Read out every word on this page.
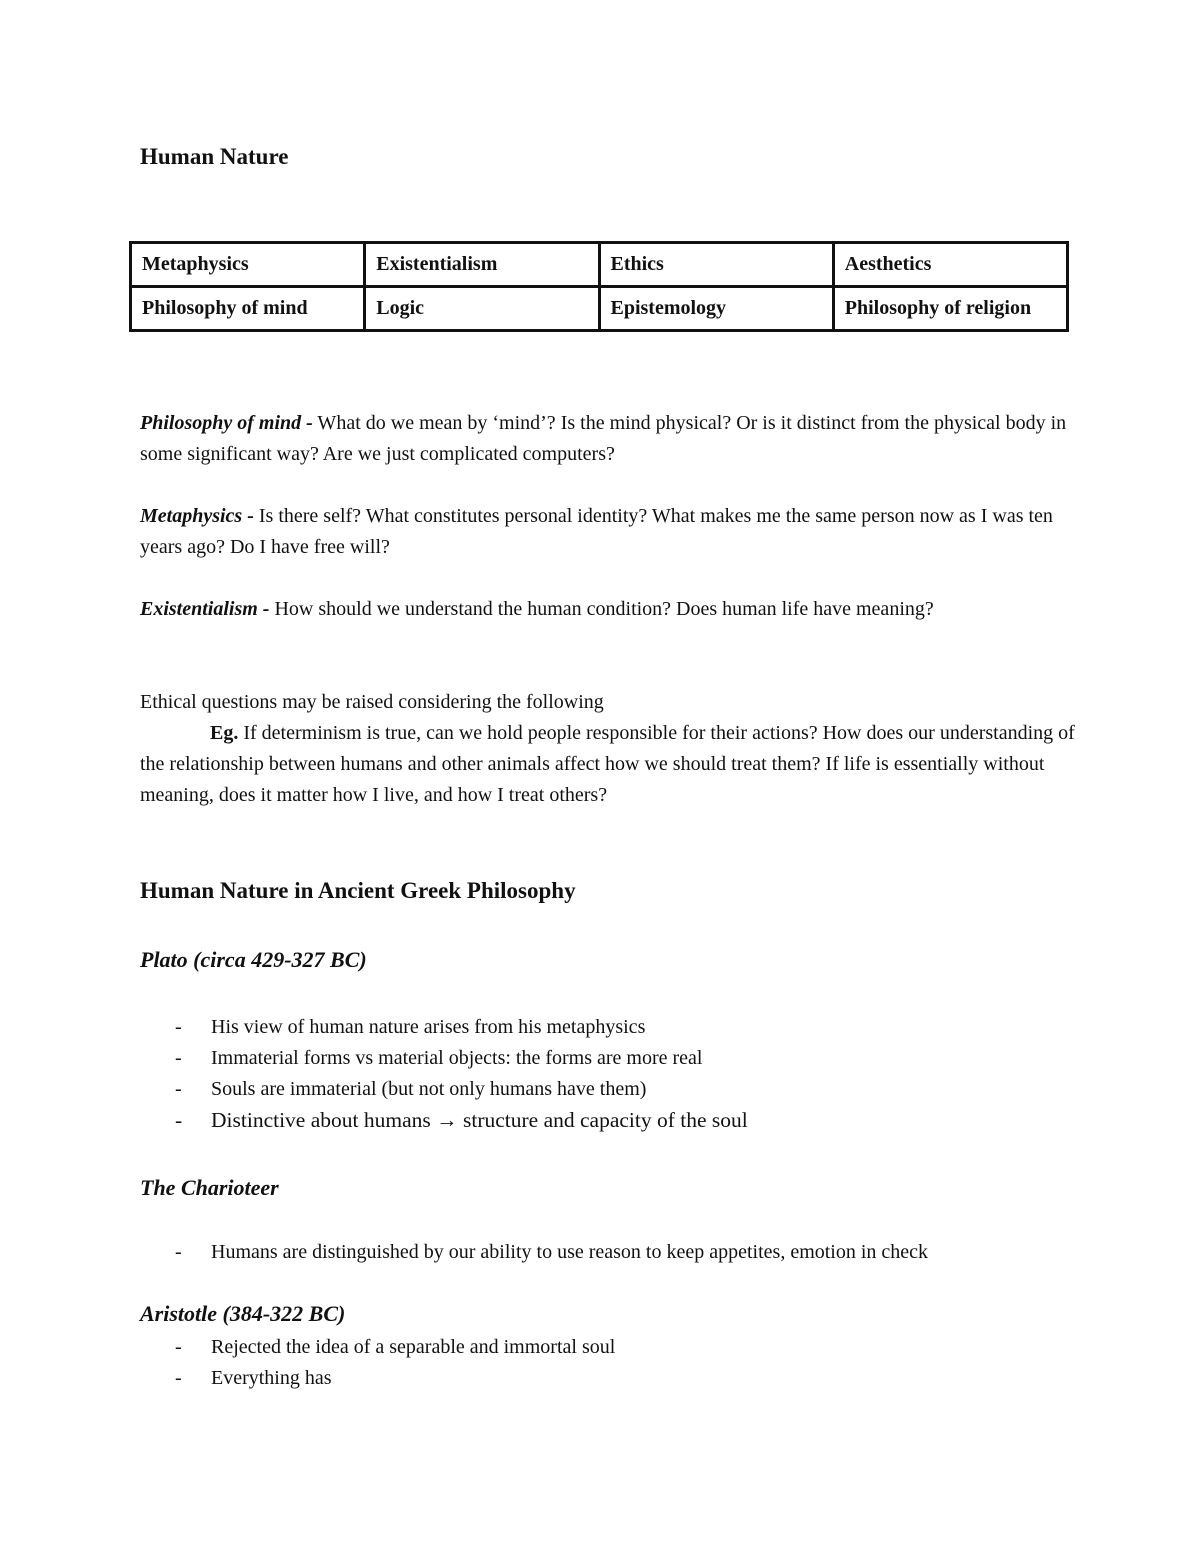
Human Nature
Metaphysics	Existentialism	Ethics	Aesthetics
Philosophy of mind	Logic	Epistemology	Philosophy of religion

Philosophy of mind - What do we mean by ‘mind’? Is the mind physical? Or is it distinct from the physical body in some significant way? Are we just complicated computers?

Metaphysics - Is there self? What constitutes personal identity? What makes me the same person now as I was ten years ago? Do I have free will?

Existentialism - How should we understand the human condition? Does human life have meaning?

Ethical questions may be raised considering the following
Eg. If determinism is true, can we hold people responsible for their actions? How does our understanding of the relationship between humans and other animals affect how we should treat them? If life is essentially without meaning, does it matter how I live, and how I treat others?

Human Nature in Ancient Greek Philosophy
Plato (circa 429-327 BC)
- His view of human nature arises from his metaphysics
- Immaterial forms vs material objects: the forms are more real
- Souls are immaterial (but not only humans have them)
- Distinctive about humans → structure and capacity of the soul
The Charioteer
- Humans are distinguished by our ability to use reason to keep appetites, emotion in check
Aristotle (384-322 BC)
- Rejected the idea of a separable and immortal soul
- Everything has
